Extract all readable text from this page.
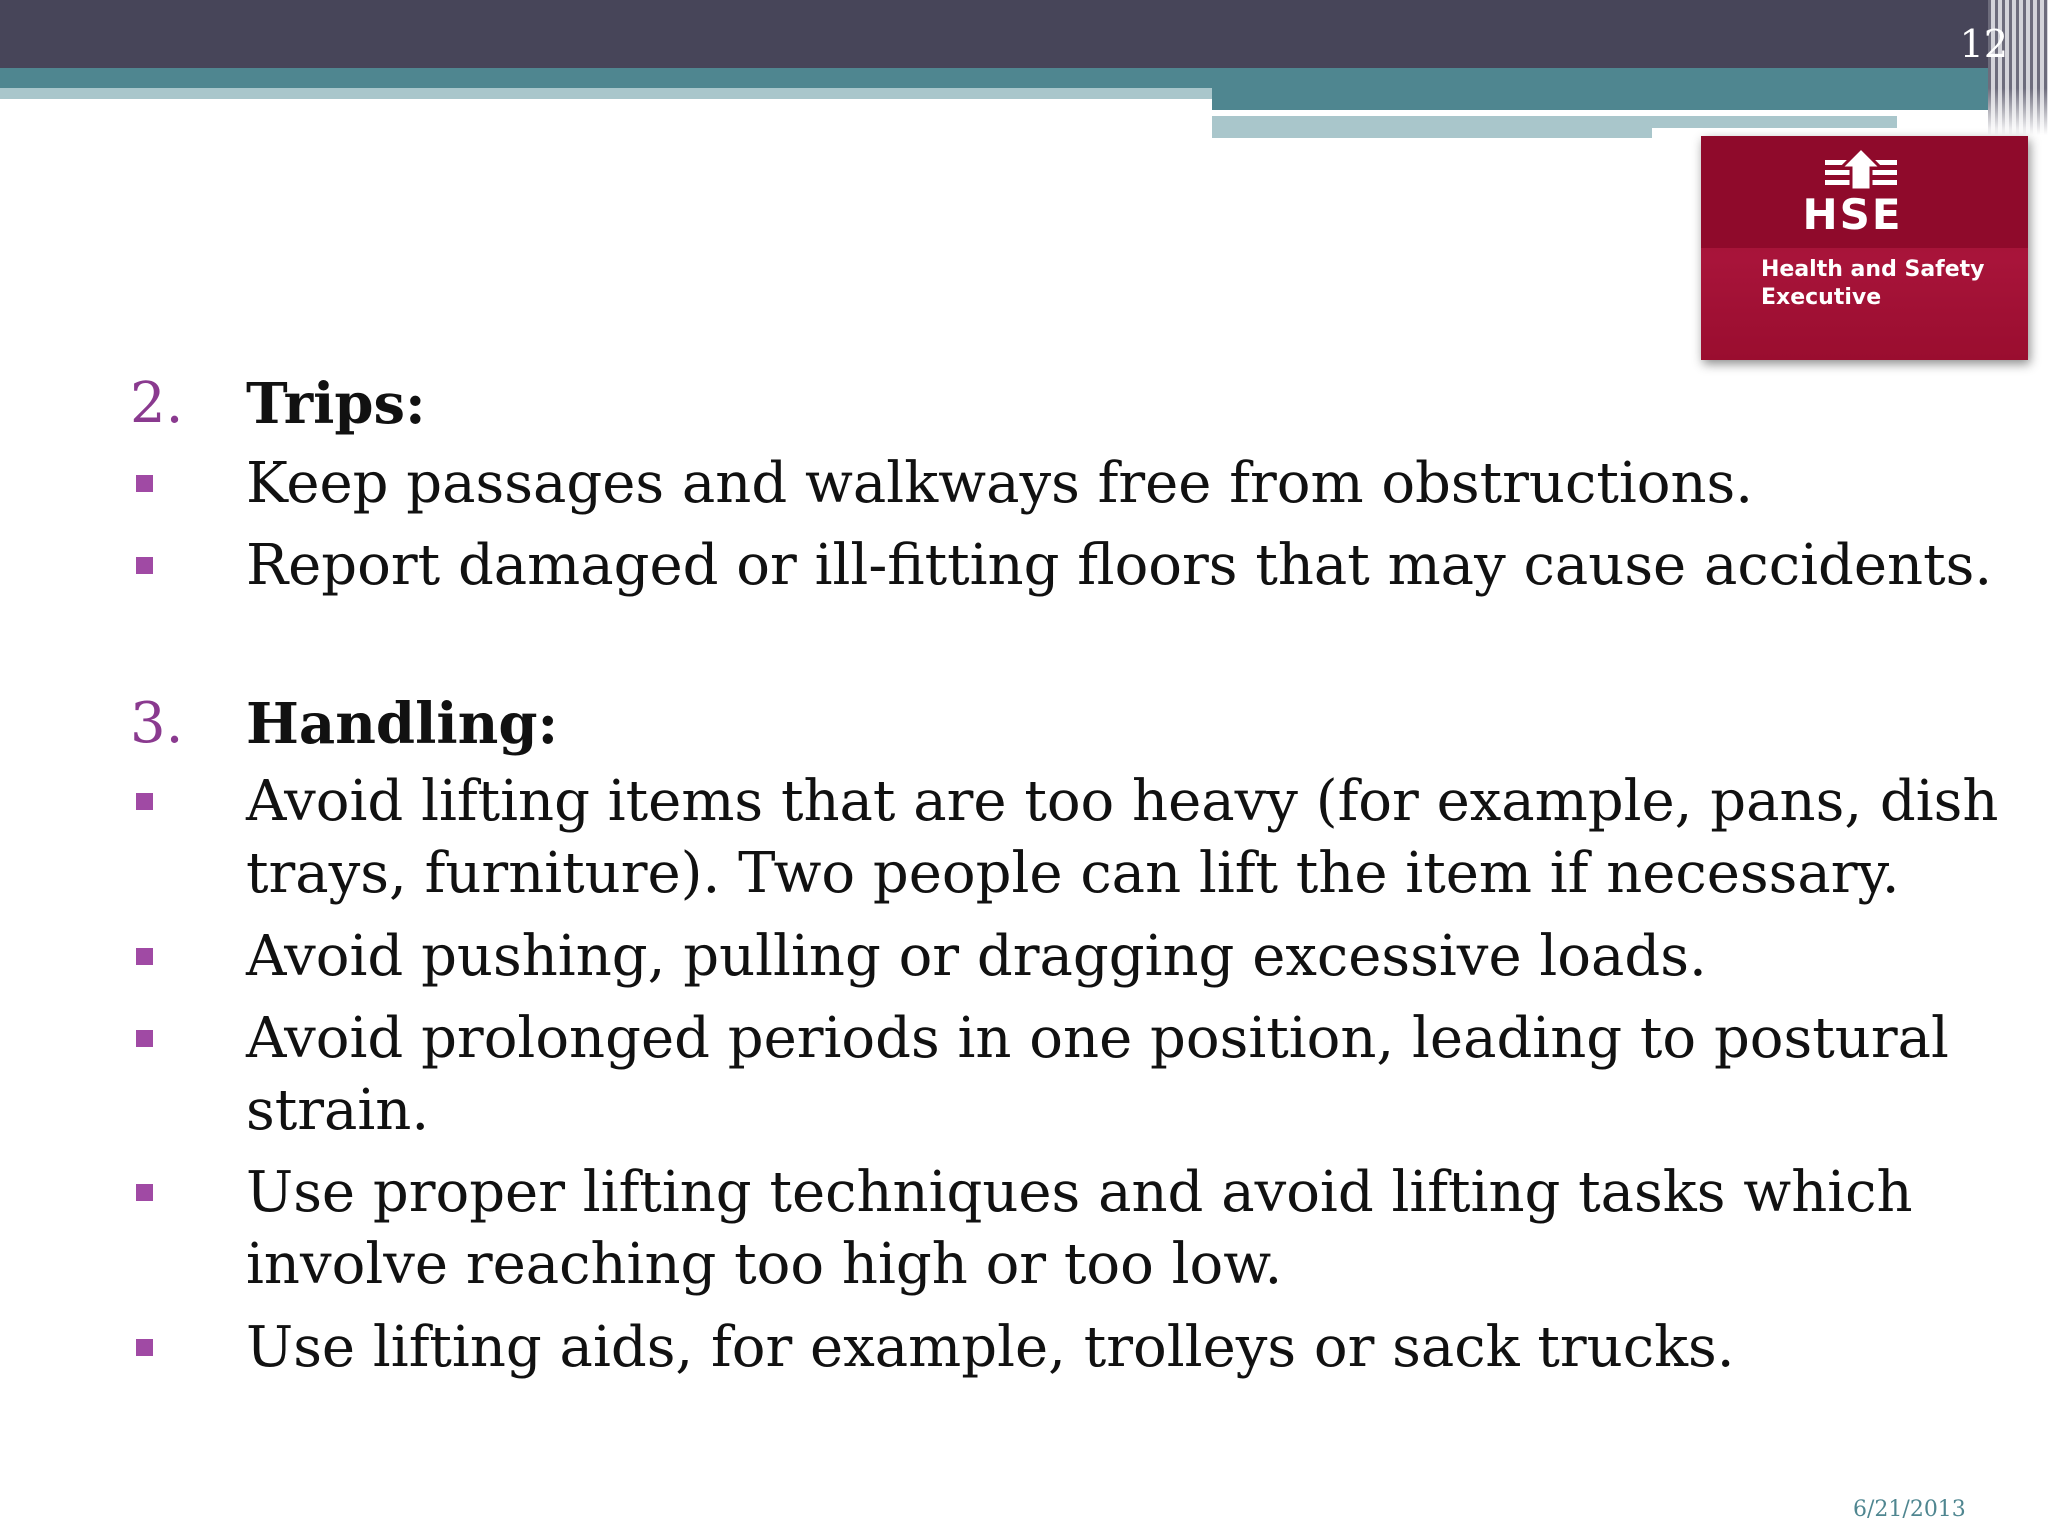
12
HSE
Health and Safety
Executive
2. Trips:
Keep passages and walkways free from obstructions.
Report damaged or ill-fitting floors that may cause accidents.
3. Handling:
Avoid lifting items that are too heavy (for example, pans, dish
trays, furniture). Two people can lift the item if necessary.
Avoid pushing, pulling or dragging excessive loads.
Avoid prolonged periods in one position, leading to postural
strain.
Use proper lifting techniques and avoid lifting tasks which
involve reaching too high or too low.
Use lifting aids, for example, trolleys or sack trucks.
6/21/2013
